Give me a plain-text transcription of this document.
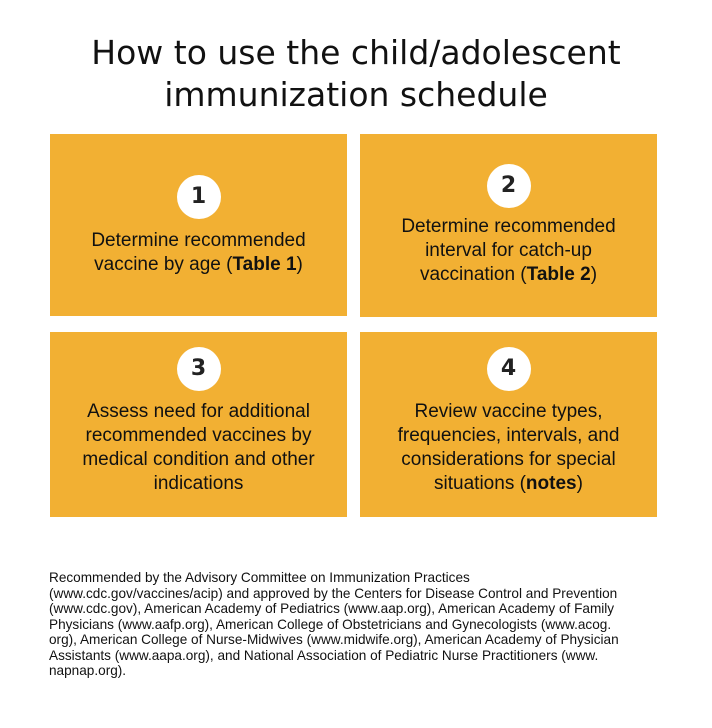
How to use the child/adolescent
immunization schedule
1
Determine recommended
vaccine by age (Table 1)
2
Determine recommended
interval for catch-up
vaccination (Table 2)
3
Assess need for additional
recommended vaccines by
medical condition and other
indications
4
Review vaccine types,
frequencies, intervals, and
considerations for special
situations (notes)
Recommended by the Advisory Committee on Immunization Practices
(www.cdc.gov/vaccines/acip) and approved by the Centers for Disease Control and Prevention
(www.cdc.gov), American Academy of Pediatrics (www.aap.org), American Academy of Family
Physicians (www.aafp.org), American College of Obstetricians and Gynecologists (www.acog.
org), American College of Nurse-Midwives (www.midwife.org), American Academy of Physician
Assistants (www.aapa.org), and National Association of Pediatric Nurse Practitioners (www.
napnap.org).
